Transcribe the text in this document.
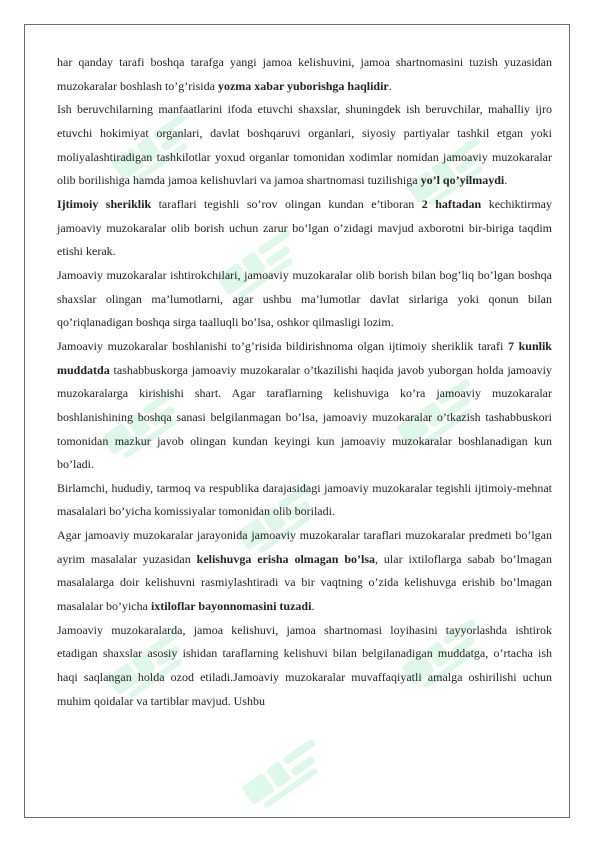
har qanday tarafi boshqa tarafga yangi jamoa kelishuvini, jamoa shartnomasini tuzish yuzasidan muzokaralar boshlash to’g’risida yozma xabar yuborishga haqlidir.

Ish beruvchilarning manfaatlarini ifoda etuvchi shaxslar, shuningdek ish beruvchilar, mahalliy ijro etuvchi hokimiyat organlari, davlat boshqaruvi organlari, siyosiy partiyalar tashkil etgan yoki moliyalashtiradigan tashkilotlar yoxud organlar tomonidan xodimlar nomidan jamoaviy muzokaralar olib borilishiga hamda jamoa kelishuvlari va jamoa shartnomasi tuzilishiga yo’l qo’yilmaydi.

Ijtimoiy sheriklik taraflari tegishli so’rov olingan kundan e’tiboran 2 haftadan kechiktirmay jamoaviy muzokaralar olib borish uchun zarur bo’lgan o’zidagi mavjud axborotni bir-biriga taqdim etishi kerak.

Jamoaviy muzokaralar ishtirokchilari, jamoaviy muzokaralar olib borish bilan bog’liq bo’lgan boshqa shaxslar olingan ma’lumotlarni, agar ushbu ma’lumotlar davlat sirlariga yoki qonun bilan qo’riqlanadigan boshqa sirga taalluqli bo’lsa, oshkor qilmasligi lozim.

Jamoaviy muzokaralar boshlanishi to’g’risida bildirishnoma olgan ijtimoiy sheriklik tarafi 7 kunlik muddatda tashabbuskorga jamoaviy muzokaralar o’tkazilishi haqida javob yuborgan holda jamoaviy muzokaralarga kirishishi shart. Agar taraflarning kelishuviga ko’ra jamoaviy muzokaralar boshlanishining boshqa sanasi belgilanmagan bo’lsa, jamoaviy muzokaralar o’tkazish tashabbuskori tomonidan mazkur javob olingan kundan keyingi kun jamoaviy muzokaralar boshlanadigan kun bo’ladi.

Birlamchi, hududiy, tarmoq va respublika darajasidagi jamoaviy muzokaralar tegishli ijtimoiy-mehnat masalalari bo’yicha komissiyalar tomonidan olib boriladi.

Agar jamoaviy muzokaralar jarayonida jamoaviy muzokaralar taraflari muzokaralar predmeti bo’lgan ayrim masalalar yuzasidan kelishuvga erisha olmagan bo’lsa, ular ixtiloflarga sabab bo’lmagan masalalarga doir kelishuvni rasmiylashtiradi va bir vaqtning o’zida kelishuvga erishib bo’lmagan masalalar bo’yicha ixtiloflar bayonnomasini tuzadi.

Jamoaviy muzokaralarda, jamoa kelishuvi, jamoa shartnomasi loyihasini tayyorlashda ishtirok etadigan shaxslar asosiy ishidan taraflarning kelishuvi bilan belgilanadigan muddatga, o’rtacha ish haqi saqlangan holda ozod etiladi.Jamoaviy muzokaralar muvaffaqiyatli amalga oshirilishi uchun muhim qoidalar va tartiblar mavjud. Ushbu
